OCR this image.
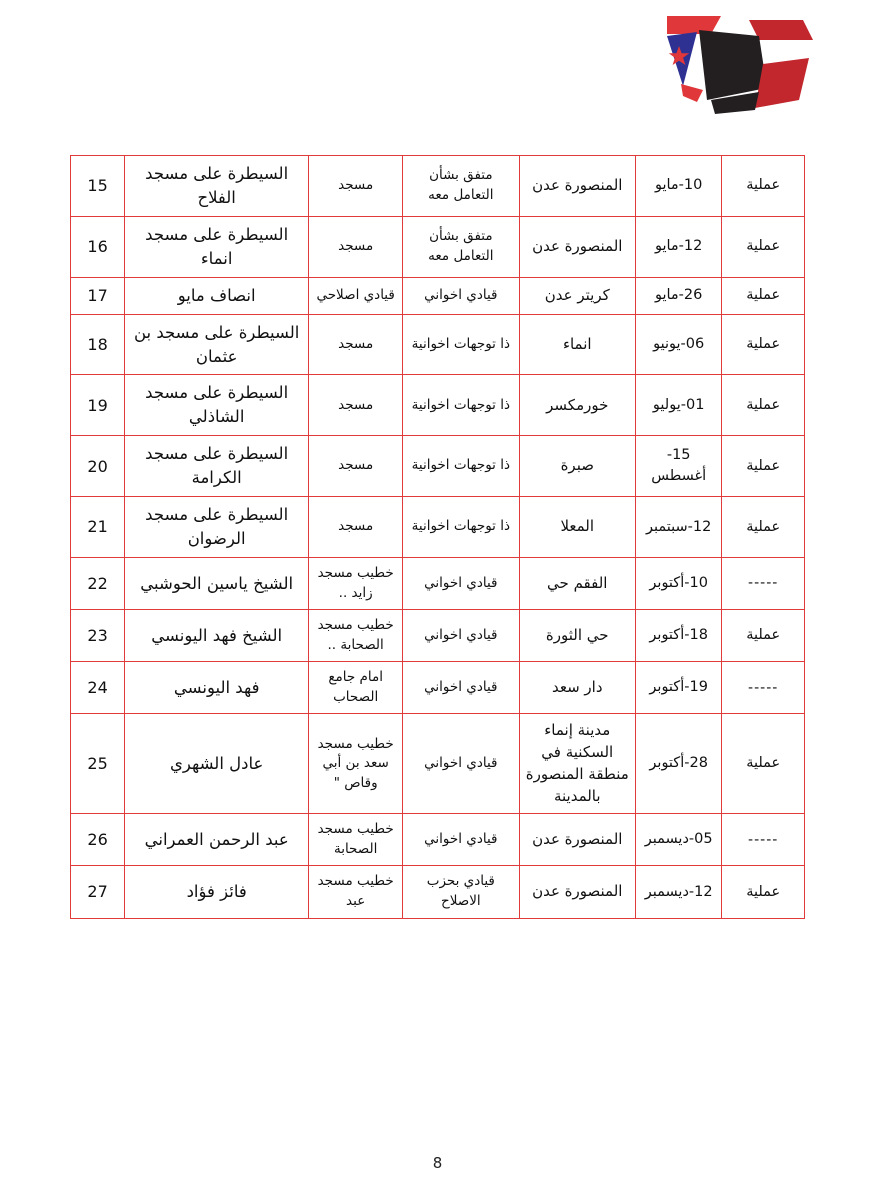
عملية	10-مايو	المنصورة عدن	متفق بشأن التعامل معه	مسجد	السيطرة على مسجد الفلاح	15
عملية	12-مايو	المنصورة عدن	متفق بشأن التعامل معه	مسجد	السيطرة على مسجد انماء	16
عملية	26-مايو	كريتر عدن	قيادي اخواني	قيادي اصلاحي	انصاف مايو	17
عملية	06-يونيو	انماء	ذا توجهات اخوانية	مسجد	السيطرة على مسجد بن عثمان	18
عملية	01-يوليو	خورمكسر	ذا توجهات اخوانية	مسجد	السيطرة على مسجد الشاذلي	19
عملية	15-أغسطس	صبرة	ذا توجهات اخوانية	مسجد	السيطرة على مسجد الكرامة	20
عملية	12-سبتمبر	المعلا	ذا توجهات اخوانية	مسجد	السيطرة على مسجد الرضوان	21
-----	10-أكتوبر	الفقم حي	قيادي اخواني	خطيب مسجد زايد ..	الشيخ ياسين الحوشبي	22
عملية	18-أكتوبر	حي الثورة	قيادي اخواني	خطيب مسجد الصحابة ..	الشيخ فهد اليونسي	23
-----	19-أكتوبر	دار سعد	قيادي اخواني	امام جامع الصحاب	فهد اليونسي	24
عملية	28-أكتوبر	مدينة إنماء السكنية في منطقة المنصورة بالمدينة	قيادي اخواني	خطيب مسجد سعد بن أبي وقاص "	عادل الشهري	25
-----	05-ديسمبر	المنصورة عدن	قيادي اخواني	خطيب مسجد الصحابة	عبد الرحمن العمراني	26
عملية	12-ديسمبر	المنصورة عدن	قيادي بحزب الاصلاح	خطيب مسجد عبد	فائز فؤاد	27
8
